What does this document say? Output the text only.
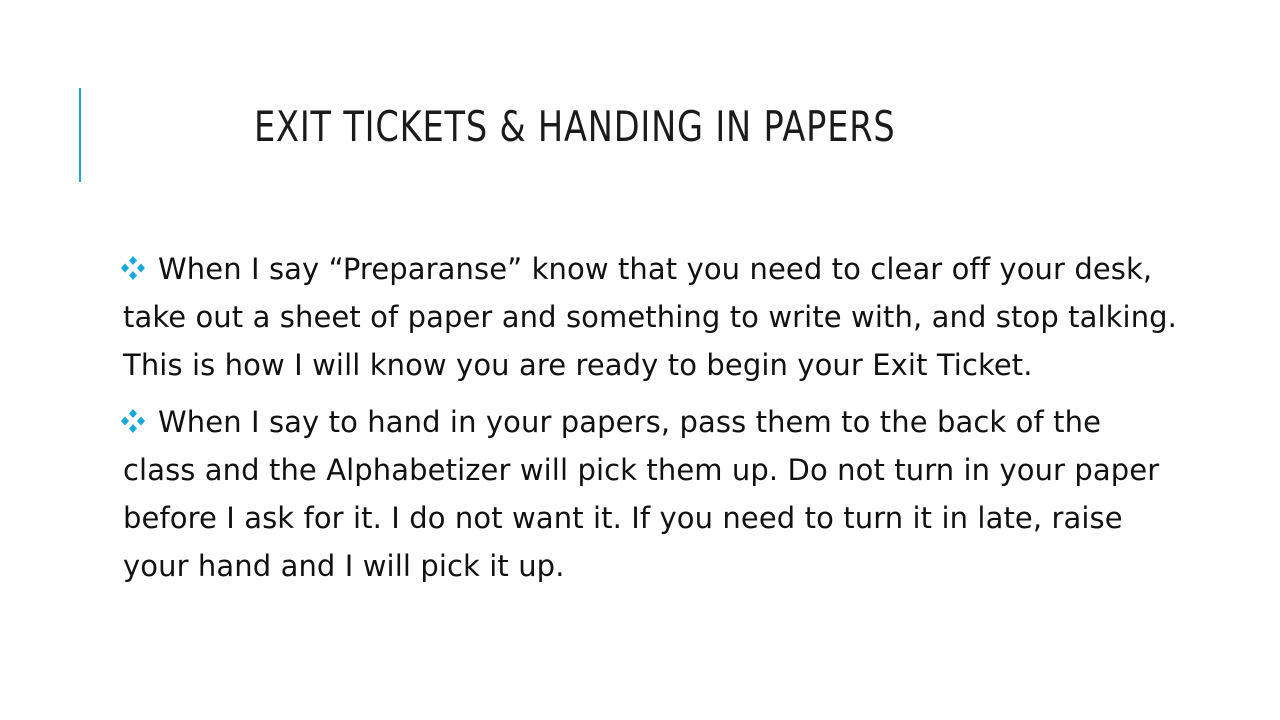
EXIT TICKETS & HANDING IN PAPERS
When I say “Preparanse” know that you need to clear off your desk, take out a sheet of paper and something to write with, and stop talking. This is how I will know you are ready to begin your Exit Ticket.
When I say to hand in your papers, pass them to the back of the class and the Alphabetizer will pick them up. Do not turn in your paper before I ask for it. I do not want it. If you need to turn it in late, raise your hand and I will pick it up.
